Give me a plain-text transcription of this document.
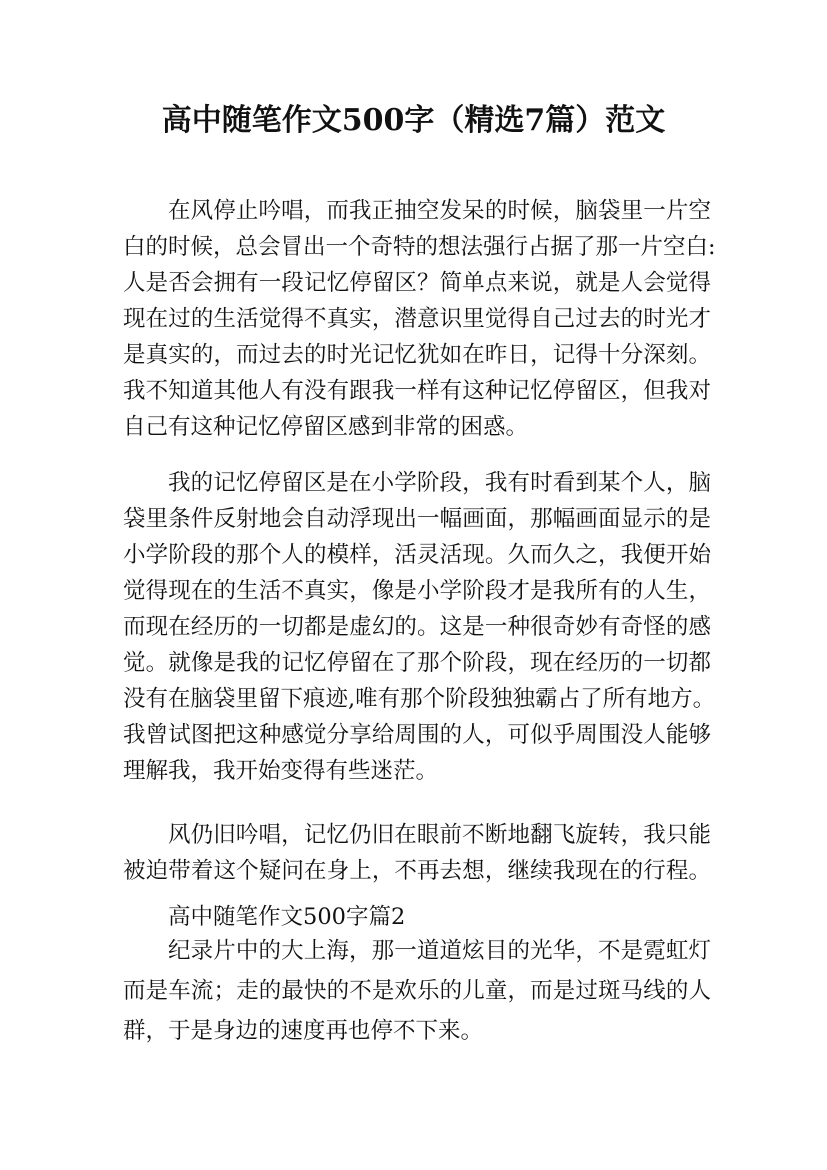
高中随笔作文500字（精选7篇）范文
在风停止吟唱，而我正抽空发呆的时候，脑袋里一片空
白的时候，总会冒出一个奇特的想法强行占据了那一片空白:
人是否会拥有一段记忆停留区？简单点来说，就是人会觉得
现在过的生活觉得不真实，潜意识里觉得自己过去的时光才
是真实的，而过去的时光记忆犹如在昨日，记得十分深刻。
我不知道其他人有没有跟我一样有这种记忆停留区，但我对
自己有这种记忆停留区感到非常的困惑。
我的记忆停留区是在小学阶段，我有时看到某个人，脑
袋里条件反射地会自动浮现出一幅画面，那幅画面显示的是
小学阶段的那个人的模样，活灵活现。久而久之，我便开始
觉得现在的生活不真实，像是小学阶段才是我所有的人生，
而现在经历的一切都是虚幻的。这是一种很奇妙有奇怪的感
觉。就像是我的记忆停留在了那个阶段，现在经历的一切都
没有在脑袋里留下痕迹,唯有那个阶段独独霸占了所有地方。
我曾试图把这种感觉分享给周围的人，可似乎周围没人能够
理解我，我开始变得有些迷茫。
风仍旧吟唱，记忆仍旧在眼前不断地翻飞旋转，我只能
被迫带着这个疑问在身上，不再去想，继续我现在的行程。
高中随笔作文500字篇2
纪录片中的大上海，那一道道炫目的光华，不是霓虹灯
而是车流；走的最快的不是欢乐的儿童，而是过斑马线的人
群，于是身边的速度再也停不下来。
